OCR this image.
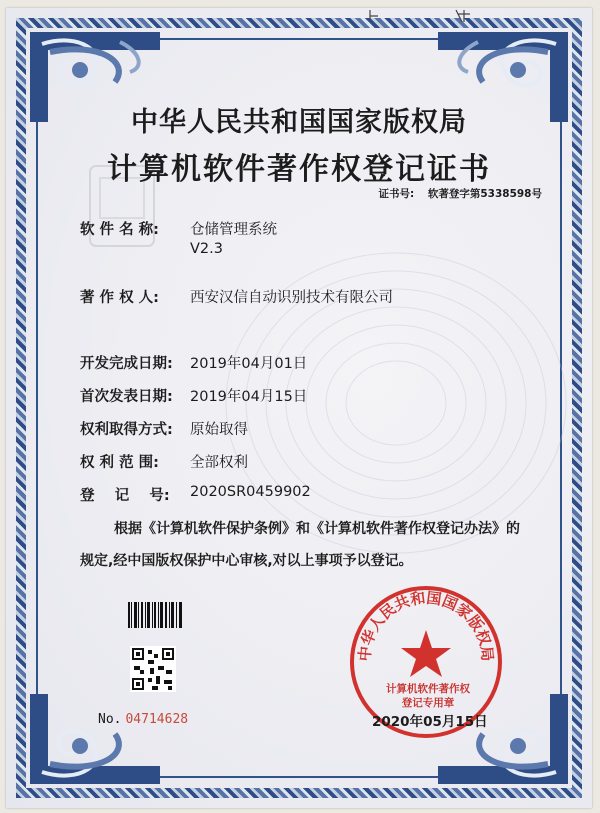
中华人民共和国国家版权局
计算机软件著作权登记证书
证书号: 软著登字第5338598号
软 件 名 称:	仓储管理系统
V2.3
著 作 权 人:	西安汉信自动识别技术有限公司
开发完成日期:	2019年04月01日
首次发表日期:	2019年04月15日
权利取得方式:	原始取得
权 利 范 围:	全部权利
登    记    号:	2020SR0459902
根据《计算机软件保护条例》和《计算机软件著作权登记办法》的
规定,经中国版权保护中心审核,对以上事项予以登记。
No. 04714628
中华人民共和国国家版权局
计算机软件著作权
登记专用章
2020年05月15日
